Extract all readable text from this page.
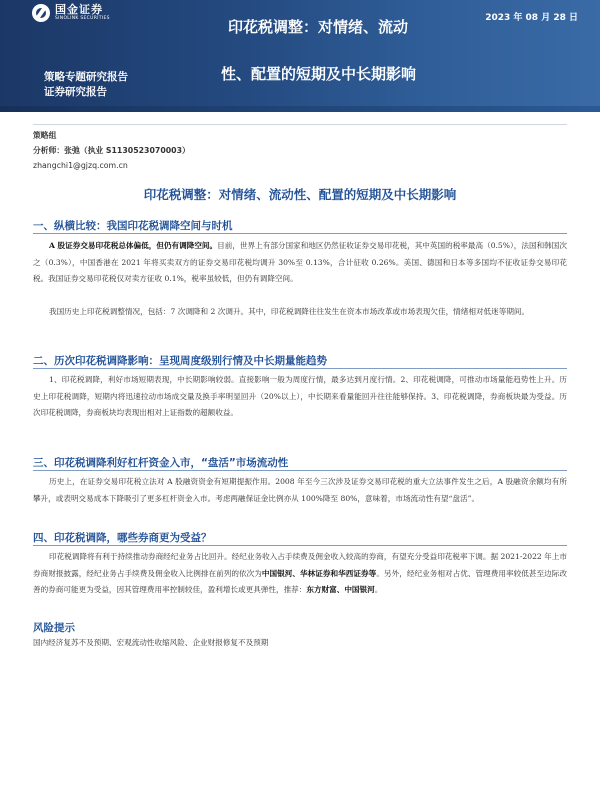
国金证券
SINOLINK SECURITIES	2023 年 08 月 28 日
印花税调整：对情绪、流动
性、配置的短期及中长期影响
策略专题研究报告
证券研究报告
策略组
分析师：张弛（执业 S1130523070003）
zhangchi1@gjzq.com.cn
印花税调整：对情绪、流动性、配置的短期及中长期影响
一、纵横比较：我国印花税调降空间与时机

A 股证券交易印花税总体偏低，但仍有调降空间。目前，世界上有部分国家和地区仍然征收证券交易印花税，其中英国的税率最高（0.5%），法国和韩国次之（0.3%），中国香港在 2021 年将买卖双方的证券交易印花税均调升 30%至 0.13%，合计征收 0.26%。美国、德国和日本等多国均不征收证券交易印花税。我国证券交易印花税仅对卖方征收 0.1%，税率虽较低，但仍有调降空间。

我国历史上印花税调整情况，包括：7 次调降和 2 次调升。其中，印花税调降往往发生在资本市场改革或市场表现欠佳，情绪相对低迷等期间。

二、历次印花税调降影响：呈现周度级别行情及中长期量能趋势

1、印花税调降，利好市场短期表现，中长期影响较弱。直接影响一般为周度行情，最多达到月度行情。2、印花税调降，可推动市场量能趋势性上升。历史上印花税调降，短期内将迅速拉动市场成交量及换手率明显回升（20%以上），中长期来看量能回升往往能够保持。3、印花税调降，券商板块最为受益。历次印花税调降，券商板块均表现出相对上证指数的超额收益。

三、印花税调降利好杠杆资金入市，“盘活”市场流动性

历史上，在证券交易印花税立法对 A 股融资资金有短期提振作用。2008 年至今三次涉及证券交易印花税的重大立法事件发生之后，A 股融资余额均有所攀升，或表明交易成本下降吸引了更多杠杆资金入市。考虑两融保证金比例亦从 100%降至 80%，意味着，市场流动性有望“盘活”。

四、印花税调降，哪些券商更为受益？

印花税调降将有利于持续推动券商经纪业务占比回升。经纪业务收入占手续费及佣金收入较高的券商，有望充分受益印花税率下调。据 2021-2022 年上市券商财报披露，经纪业务占手续费及佣金收入比例排在前列的依次为中国银河、华林证券和华西证券等。另外，经纪业务相对占优、管理费用率较低甚至边际改善的券商可能更为受益，因其管理费用率控制较佳，盈利增长或更具弹性，推荐：东方财富、中国银河。

风险提示
国内经济复苏不及预期、宏观流动性收缩风险、企业财报修复不及预期
